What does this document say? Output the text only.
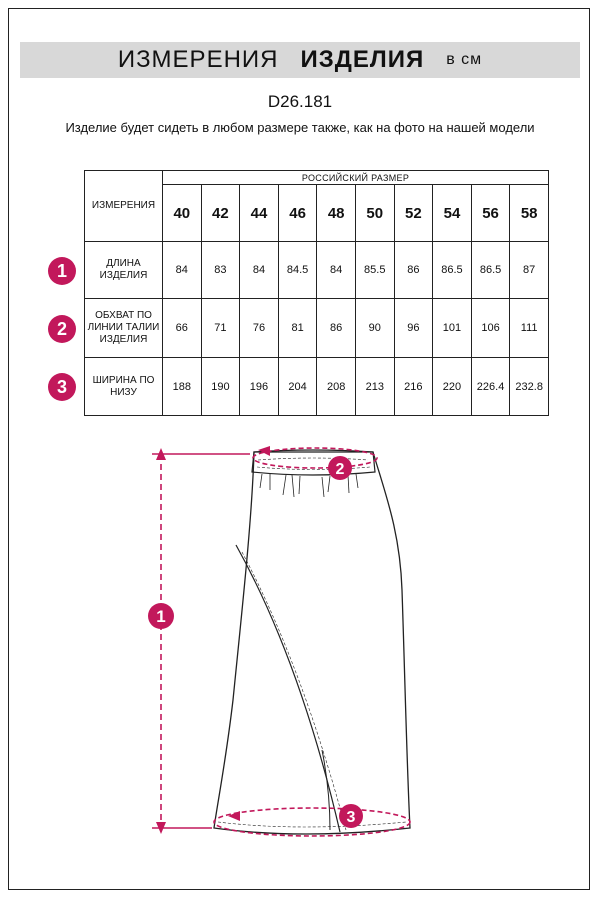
ИЗМЕРЕНИЯ ИЗДЕЛИЯ в см
D26.181
Изделие будет сидеть в любом размере также, как на фото на нашей модели
ИЗМЕРЕНИЯ	РОССИЙСКИЙ РАЗМЕР									
	40	42	44	46	48	50	52	54	56	58
ДЛИНА ИЗДЕЛИЯ	84	83	84	84.5	84	85.5	86	86.5	86.5	87
ОБХВАТ ПО ЛИНИИ ТАЛИИ ИЗДЕЛИЯ	66	71	76	81	86	90	96	101	106	111
ШИРИНА ПО НИЗУ	188	190	196	204	208	213	216	220	226.4	232.8
1
2
3
1
2
3
